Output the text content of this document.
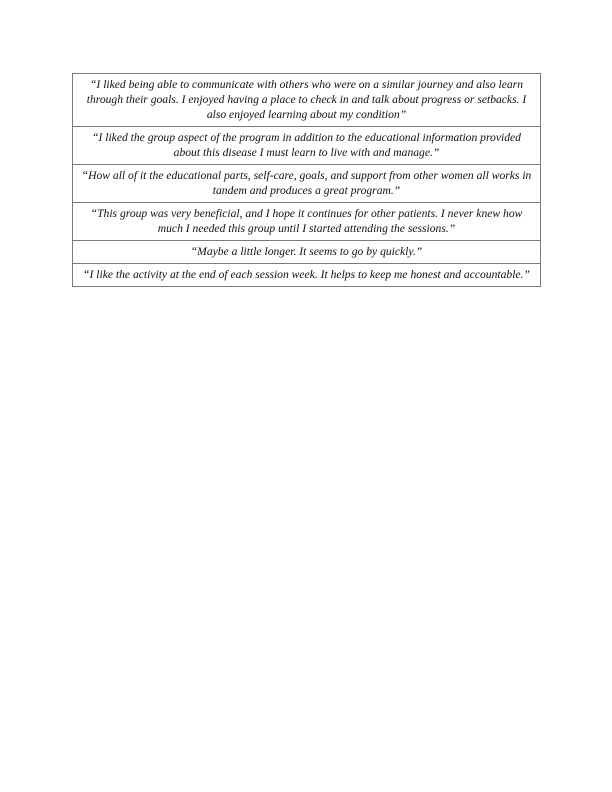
“I liked being able to communicate with others who were on a similar journey and also learn through their goals. I enjoyed having a place to check in and talk about progress or setbacks. I also enjoyed learning about my condition”
“I liked the group aspect of the program in addition to the educational information provided about this disease I must learn to live with and manage.”
“How all of it the educational parts, self-care, goals, and support from other women all works in tandem and produces a great program.”
“This group was very beneficial, and I hope it continues for other patients. I never knew how much I needed this group until I started attending the sessions.”
“Maybe a little longer. It seems to go by quickly.”
“I like the activity at the end of each session week. It helps to keep me honest and accountable.”
